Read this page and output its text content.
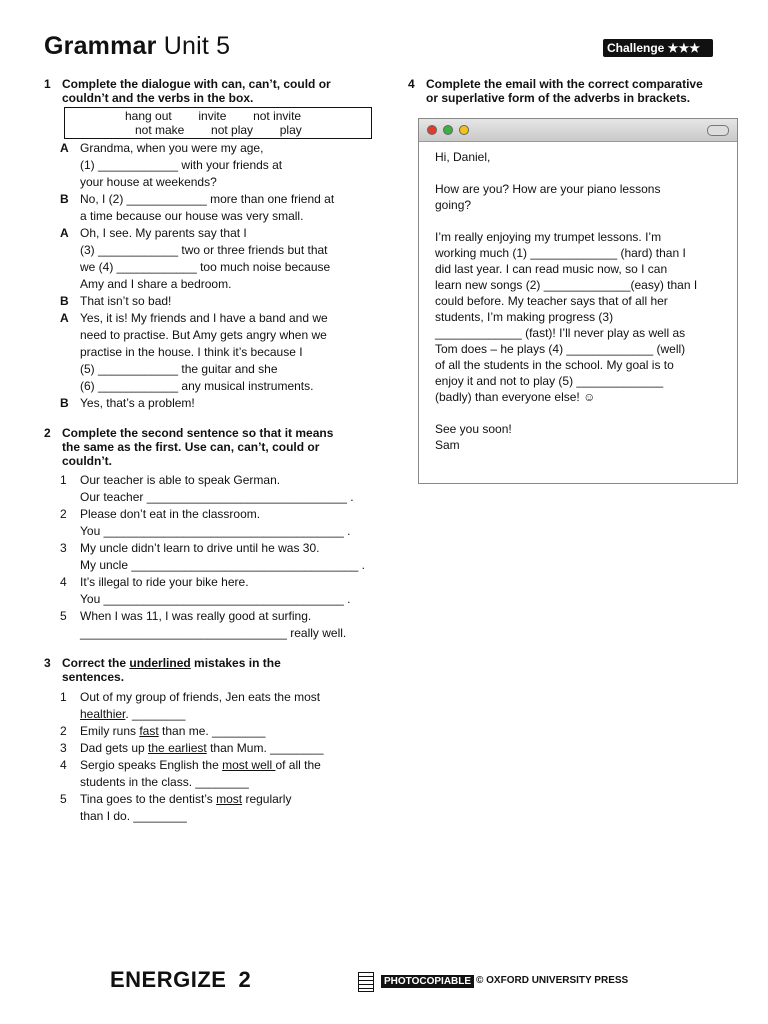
Grammar Unit 5	Challenge ★★★
1 Complete the dialogue with can, can’t, could or
couldn’t and the verbs in the box.
hang out        invite        not invite
not make        not play        play
A Grandma, when you were my age,
(1) ____________ with your friends at
your house at weekends?
B No, I (2) ____________ more than one friend at
a time because our house was very small.
A Oh, I see. My parents say that I
(3) ____________ two or three friends but that
we (4) ____________ too much noise because
Amy and I share a bedroom.
B That isn’t so bad!
A Yes, it is! My friends and I have a band and we
need to practise. But Amy gets angry when we
practise in the house. I think it’s because I
(5) ____________ the guitar and she
(6) ____________ any musical instruments.
B Yes, that’s a problem!
2 Complete the second sentence so that it means
the same as the first. Use can, can’t, could or
couldn’t.
1 Our teacher is able to speak German.
Our teacher ______________________________ .
2 Please don’t eat in the classroom.
You ____________________________________ .
3 My uncle didn’t learn to drive until he was 30.
My uncle __________________________________ .
4 It’s illegal to ride your bike here.
You ____________________________________ .
5 When I was 11, I was really good at surfing.
_______________________________ really well.
3 Correct the underlined mistakes in the
sentences.
1 Out of my group of friends, Jen eats the most
healthier. ________
2 Emily runs fast than me. ________
3 Dad gets up the earliest than Mum. ________
4 Sergio speaks English the most well of all the
students in the class. ________
5 Tina goes to the dentist’s most regularly
than I do. ________
4 Complete the email with the correct comparative
or superlative form of the adverbs in brackets.
Hi, Daniel,
How are you? How are your piano lessons
going?
I’m really enjoying my trumpet lessons. I’m
working much (1) _____________ (hard) than I
did last year. I can read music now, so I can
learn new songs (2) _____________(easy) than I
could before. My teacher says that of all her
students, I’m making progress (3)
_____________ (fast)! I’ll never play as well as
Tom does – he plays (4) _____________ (well)
of all the students in the school. My goal is to
enjoy it and not to play (5) _____________
(badly) than everyone else! ☺
See you soon!
Sam
ENERGIZE 2	PHOTOCOPIABLE © OXFORD UNIVERSITY PRESS
